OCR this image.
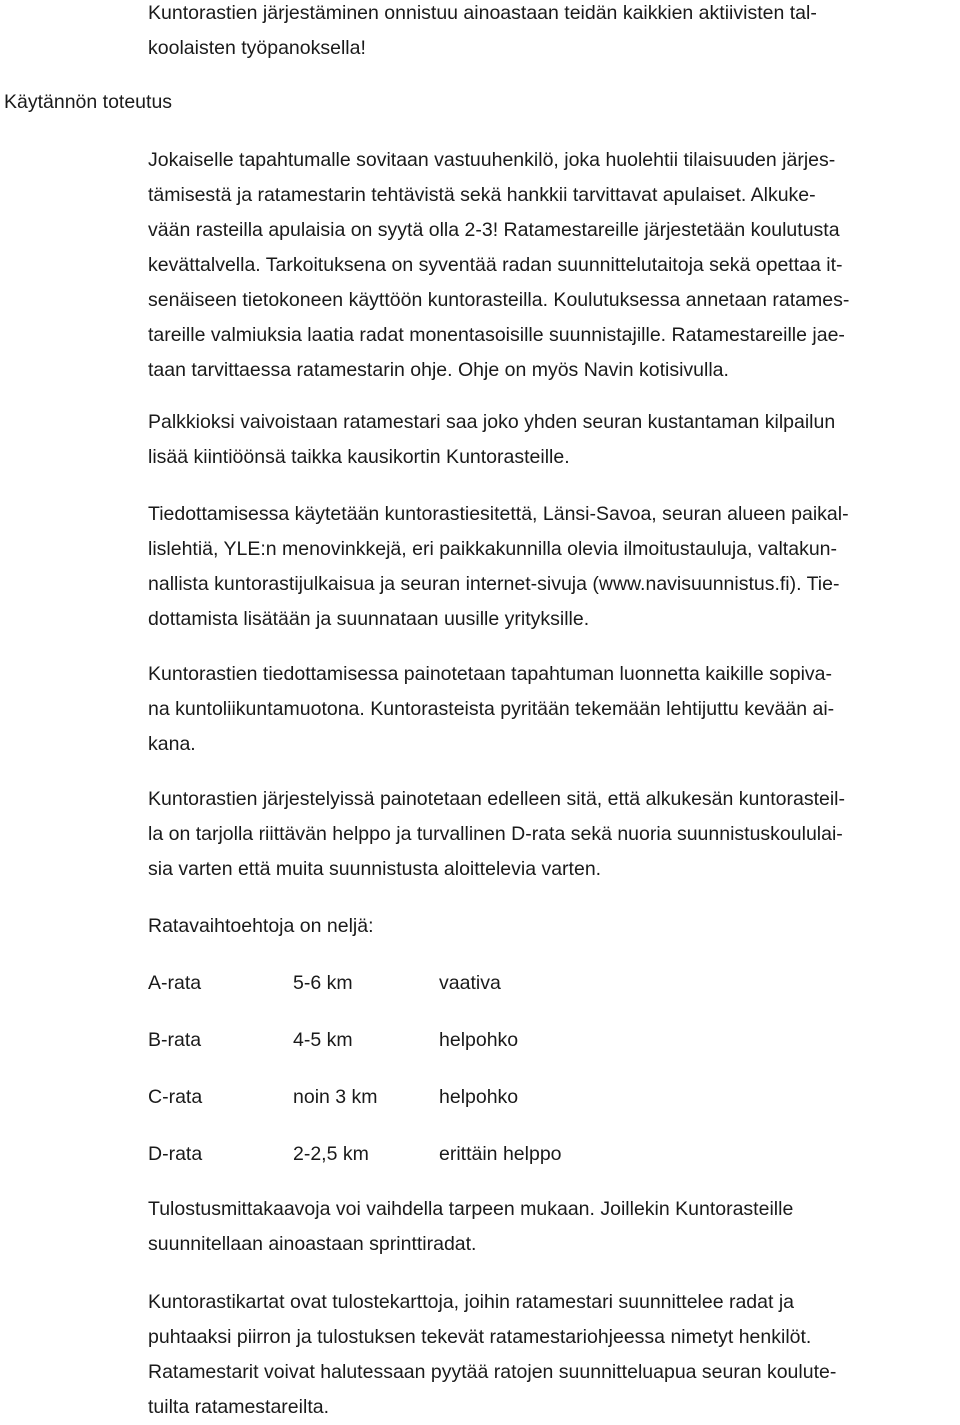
Kuntorastien järjestäminen onnistuu ainoastaan teidän kaikkien aktiivisten tal-
koolaisten työpanoksella!

Käytännön toteutus

Jokaiselle tapahtumalle sovitaan vastuuhenkilö, joka huolehtii tilaisuuden järjes-
tämisestä ja ratamestarin tehtävistä sekä hankkii tarvittavat apulaiset. Alkuke-
vään rasteilla apulaisia on syytä olla 2-3! Ratamestareille järjestetään koulutusta
kevättalvella. Tarkoituksena on syventää radan suunnittelutaitoja sekä opettaa it-
senäiseen tietokoneen käyttöön kuntorasteilla. Koulutuksessa annetaan ratames-
tareille valmiuksia laatia radat monentasoisille suunnistajille. Ratamestareille jae-
taan tarvittaessa ratamestarin ohje. Ohje on myös Navin kotisivulla.

Palkkioksi vaivoistaan ratamestari saa joko yhden seuran kustantaman kilpailun
lisää kiintiöönsä taikka kausikortin Kuntorasteille.

Tiedottamisessa käytetään kuntorastiesitettä, Länsi-Savoa, seuran alueen paikal-
lislehtiä, YLE:n menovinkkejä, eri paikkakunnilla olevia ilmoitustauluja, valtakun-
nallista kuntorastijulkaisua ja seuran internet-sivuja (www.navisuunnistus.fi). Tie-
dottamista lisätään ja suunnataan uusille yrityksille.

Kuntorastien tiedottamisessa painotetaan tapahtuman luonnetta kaikille sopiva-
na kuntoliikuntamuotona. Kuntorasteista pyritään tekemään lehtijuttu kevään ai-
kana.

Kuntorastien järjestelyissä painotetaan edelleen sitä, että alkukesän kuntorasteil-
la on tarjolla riittävän helppo ja turvallinen D-rata sekä nuoria suunnistuskoululai-
sia varten että muita suunnistusta aloittelevia varten.

Ratavaihtoehtoja on neljä:

A-rata	5-6 km	vaativa
B-rata	4-5 km	helpohko
C-rata	noin 3 km	helpohko
D-rata	2-2,5 km	erittäin helppo

Tulostusmittakaavoja voi vaihdella tarpeen mukaan. Joillekin Kuntorasteille
suunnitellaan ainoastaan sprinttiradat.

Kuntorastikartat ovat tulostekarttoja, joihin ratamestari suunnittelee radat ja
puhtaaksi piirron ja tulostuksen tekevät ratamestariohjeessa nimetyt henkilöt.
Ratamestarit voivat halutessaan pyytää ratojen suunnitteluapua seuran koulute-
tuilta ratamestareilta.
